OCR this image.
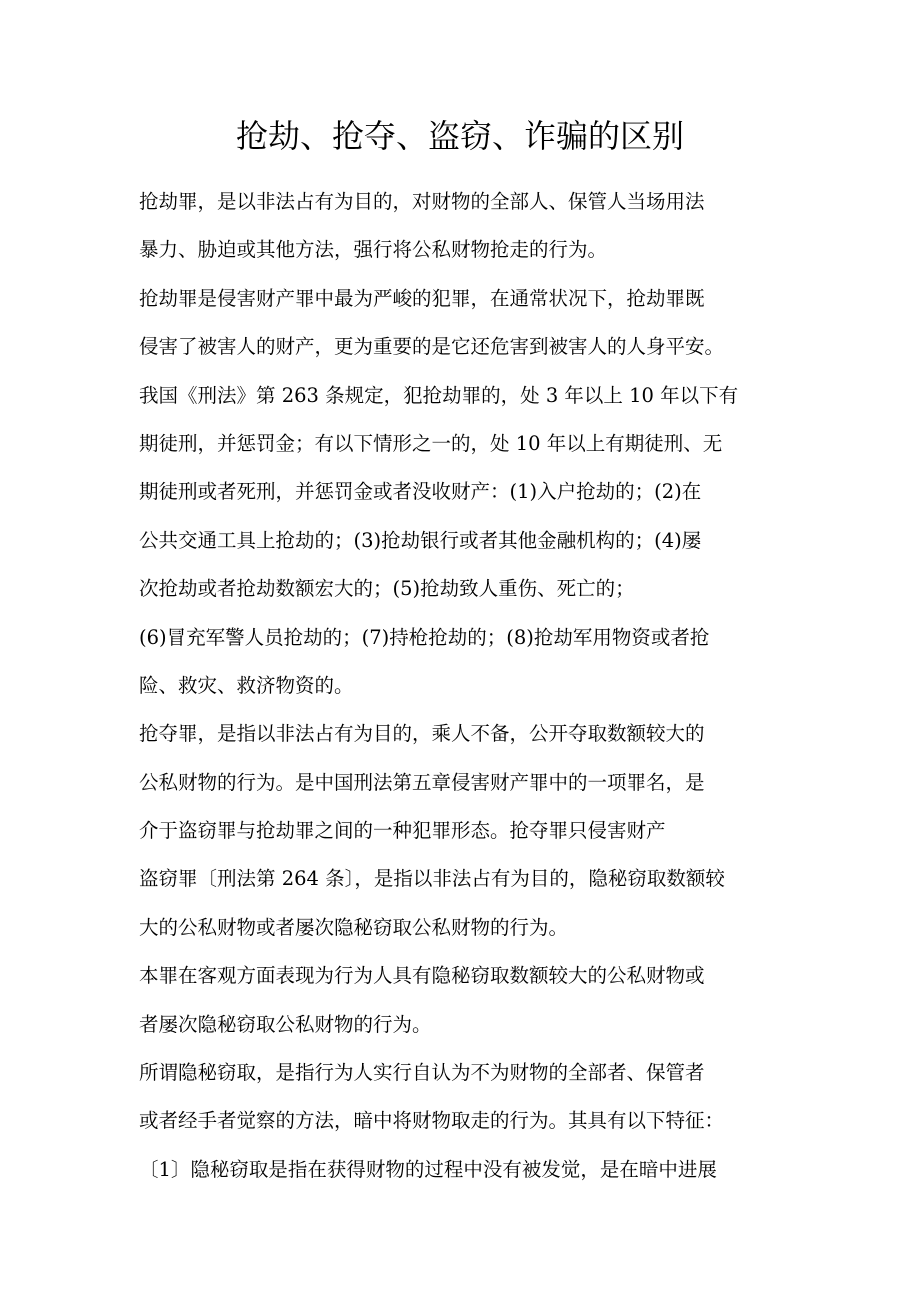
抢劫、抢夺、盗窃、诈骗的区别
抢劫罪，是以非法占有为目的，对财物的全部人、保管人当场用法
暴力、胁迫或其他方法，强行将公私财物抢走的行为。
抢劫罪是侵害财产罪中最为严峻的犯罪，在通常状况下，抢劫罪既
侵害了被害人的财产，更为重要的是它还危害到被害人的人身平安。
我国《刑法》第 263 条规定，犯抢劫罪的，处 3 年以上 10 年以下有
期徒刑，并惩罚金；有以下情形之一的，处 10 年以上有期徒刑、无
期徒刑或者死刑，并惩罚金或者没收财产：(1)入户抢劫的；(2)在
公共交通工具上抢劫的；(3)抢劫银行或者其他金融机构的；(4)屡
次抢劫或者抢劫数额宏大的；(5)抢劫致人重伤、死亡的；
(6)冒充军警人员抢劫的；(7)持枪抢劫的；(8)抢劫军用物资或者抢
险、救灾、救济物资的。
抢夺罪，是指以非法占有为目的，乘人不备，公开夺取数额较大的
公私财物的行为。是中国刑法第五章侵害财产罪中的一项罪名，是
介于盗窃罪与抢劫罪之间的一种犯罪形态。抢夺罪只侵害财产
盗窃罪〔刑法第 264 条〕，是指以非法占有为目的，隐秘窃取数额较
大的公私财物或者屡次隐秘窃取公私财物的行为。
本罪在客观方面表现为行为人具有隐秘窃取数额较大的公私财物或
者屡次隐秘窃取公私财物的行为。
所谓隐秘窃取，是指行为人实行自认为不为财物的全部者、保管者
或者经手者觉察的方法，暗中将财物取走的行为。其具有以下特征：
〔1〕隐秘窃取是指在获得财物的过程中没有被发觉，是在暗中进展
